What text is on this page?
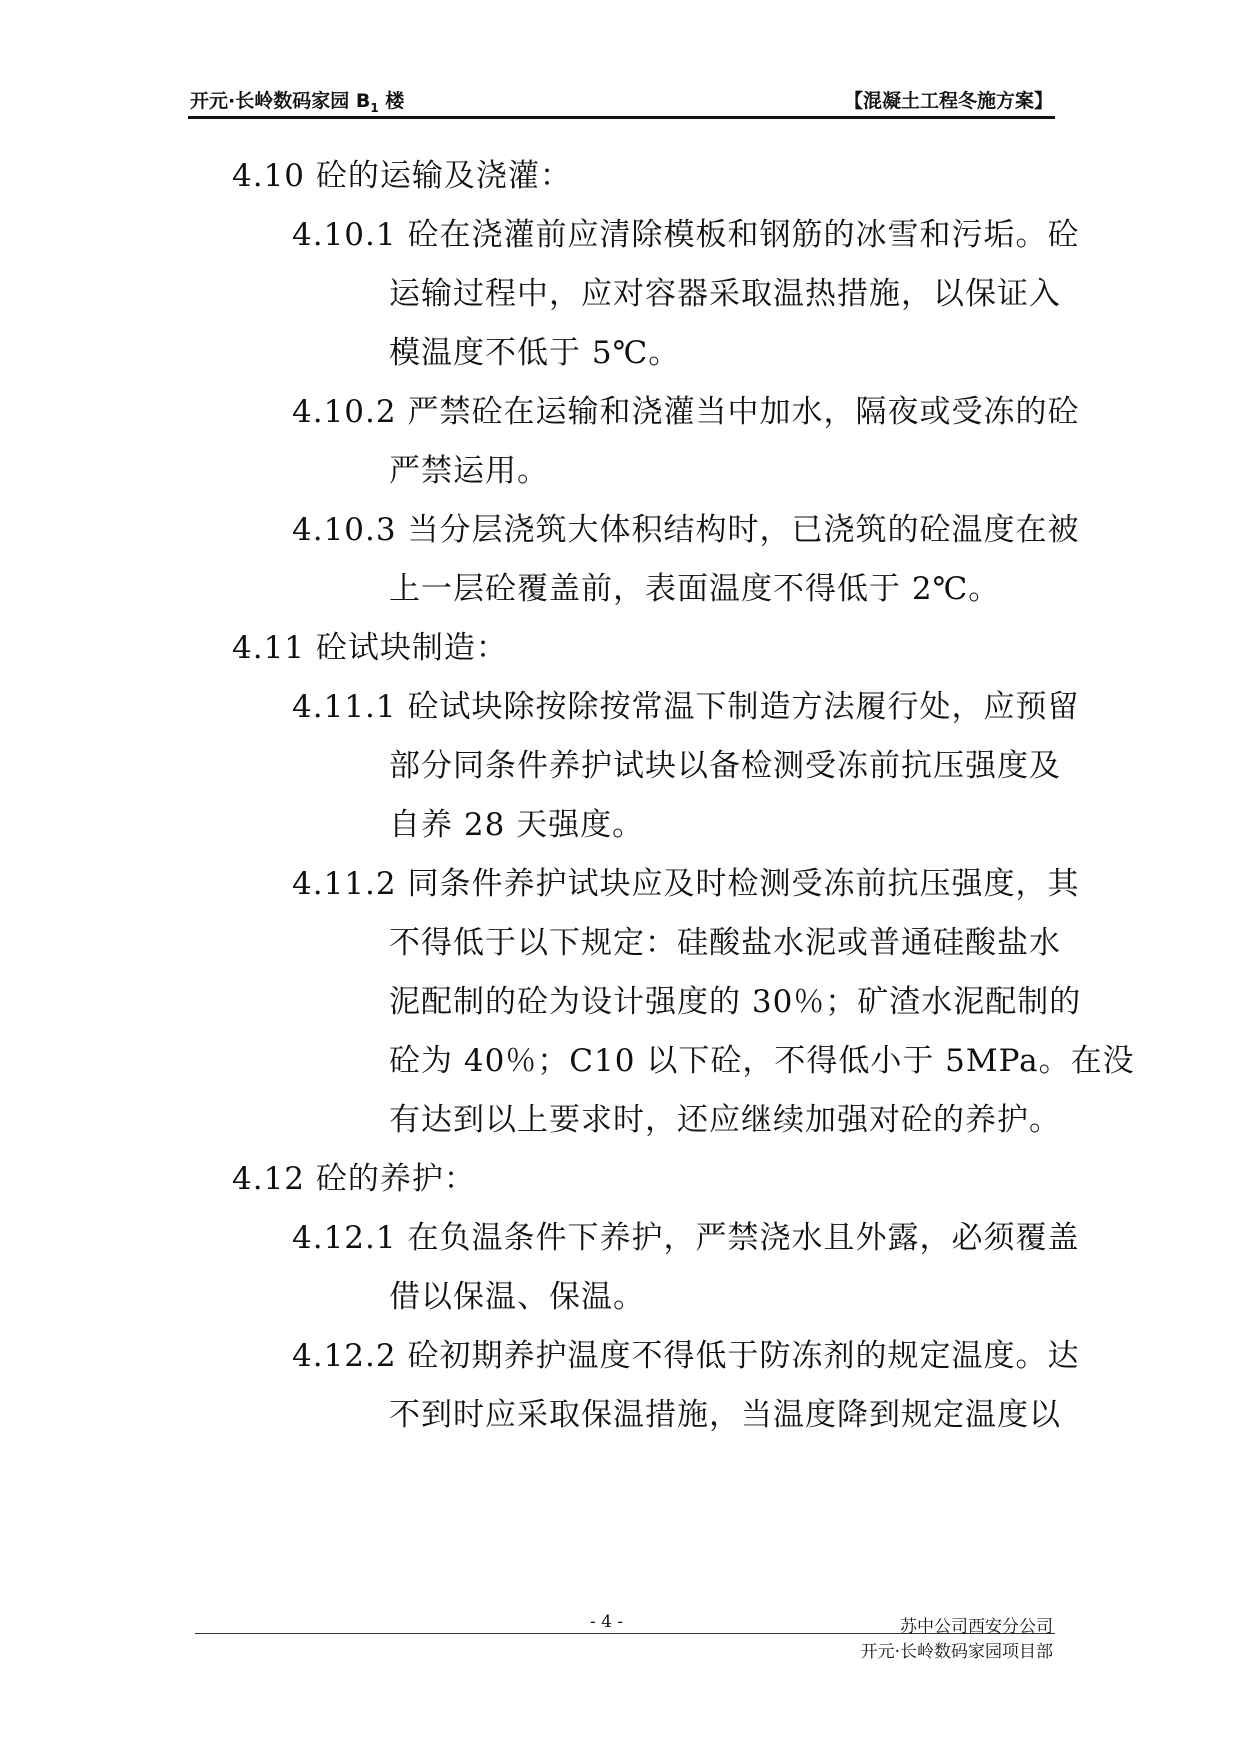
开元·长岭数码家园 $B_1$ 楼	【混凝土工程冬施方案】
4.10 砼的运输及浇灌：
4.10.1 砼在浇灌前应清除模板和钢筋的冰雪和污垢。砼
运输过程中，应对容器采取温热措施，以保证入
模温度不低于 5℃。
4.10.2 严禁砼在运输和浇灌当中加水，隔夜或受冻的砼
严禁运用。
4.10.3 当分层浇筑大体积结构时，已浇筑的砼温度在被
上一层砼覆盖前，表面温度不得低于 2℃。
4.11 砼试块制造：
4.11.1 砼试块除按除按常温下制造方法履行处，应预留
部分同条件养护试块以备检测受冻前抗压强度及
自养 28 天强度。
4.11.2 同条件养护试块应及时检测受冻前抗压强度，其
不得低于以下规定：硅酸盐水泥或普通硅酸盐水
泥配制的砼为设计强度的 30％；矿渣水泥配制的
砼为 40％；C10 以下砼，不得低小于 5MPa。在没
有达到以上要求时，还应继续加强对砼的养护。
4.12 砼的养护：
4.12.1 在负温条件下养护，严禁浇水且外露，必须覆盖
借以保温、保温。
4.12.2 砼初期养护温度不得低于防冻剂的规定温度。达
不到时应采取保温措施，当温度降到规定温度以
- 4 -	苏中公司西安分公司
开元·长岭数码家园项目部
